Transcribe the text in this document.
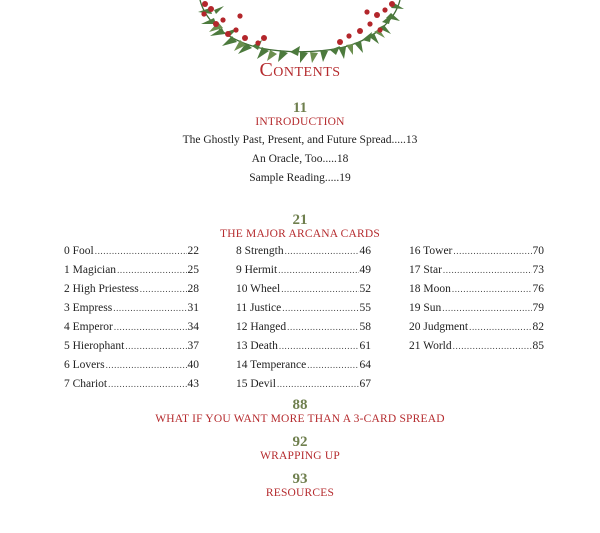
Contents
11
INTRODUCTION
The Ghostly Past, Present, and Future Spread.....13
An Oracle, Too.....18
Sample Reading.....19
21
THE MAJOR ARCANA CARDS
0 Fool .....	22
1 Magician .....	25
2 High Priestess .....	28
3 Empress .....	31
4 Emperor .....	34
5 Hierophant .....	37
6 Lovers .....	40
7 Chariot .....	43
8 Strength .....	46
9 Hermit .....	49
10 Wheel .....	52
11 Justice .....	55
12 Hanged .....	58
13 Death .....	61
14 Temperance .....	64
15 Devil .....	67
16 Tower .....	70
17 Star .....	73
18 Moon .....	76
19 Sun .....	79
20 Judgment .....	82
21 World .....	85
88
WHAT IF YOU WANT MORE THAN A 3-CARD SPREAD
92
WRAPPING UP
93
RESOURCES
